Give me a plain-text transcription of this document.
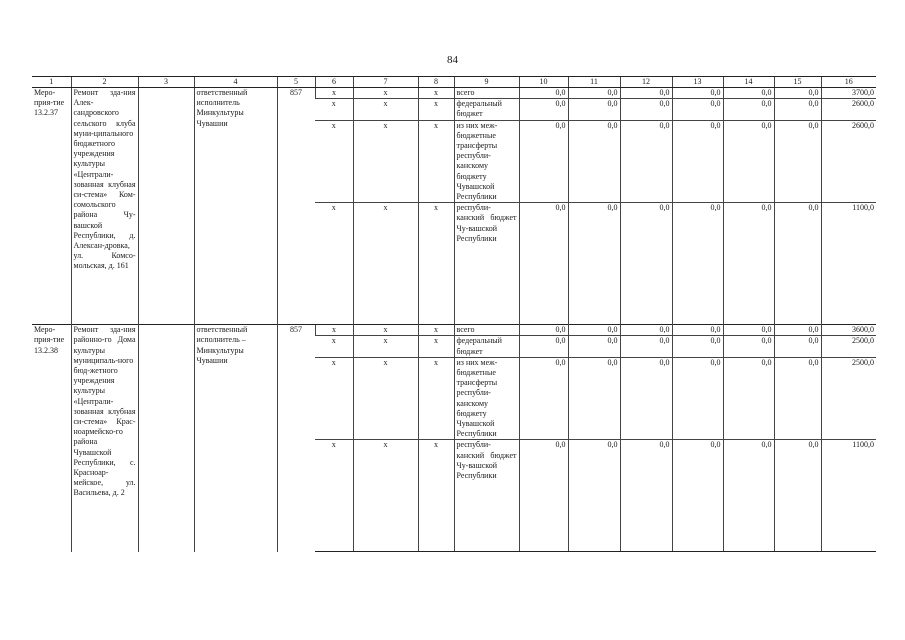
84
1	2	3	4	5	6	7	8	9	10	11	12	13	14	15	16
Меро-прия-тие 13.2.37	Ремонт зда-ния Алек-сандровского сельского клуба муни-ципального бюджетного учреждения культуры «Централи-зованная клубная си-стема» Ком-сомольского района Чу-вашской Республики, д. Алексан-дровка, ул. Комсо-мольская, д. 161		ответственный исполнитель Минкультуры Чувашии	857	x	x	x	всего	0,0	0,0	0,0	0,0	0,0	0,0	3700,0
					x	x	x	федеральный бюджет	0,0	0,0	0,0	0,0	0,0	0,0	2600,0
					x	x	x	из них меж-бюджетные трансферты республи-канскому бюджету Чувашской Республики	0,0	0,0	0,0	0,0	0,0	0,0	2600,0
					x	x	x	республи-канский бюджет Чу-вашской Республики	0,0	0,0	0,0	0,0	0,0	0,0	1100,0
Меро-прия-тие 13.2.38	Ремонт зда-ния районно-го Дома культуры муниципаль-ного бюд-жетного учреждения культуры «Централи-зованная клубная си-стема» Крас-ноармейско-го района Чувашской Республики, с. Красноар-мейское, ул. Васильева, д. 2		ответственный исполнитель – Минкультуры Чувашии	857	x	x	x	всего	0,0	0,0	0,0	0,0	0,0	0,0	3600,0
					x	x	x	федеральный бюджет	0,0	0,0	0,0	0,0	0,0	0,0	2500,0
					x	x	x	из них меж-бюджетные трансферты республи-канскому бюджету Чувашской Республики	0,0	0,0	0,0	0,0	0,0	0,0	2500,0
					x	x	x	республи-канский бюджет Чу-вашской Республики	0,0	0,0	0,0	0,0	0,0	0,0	1100,0
